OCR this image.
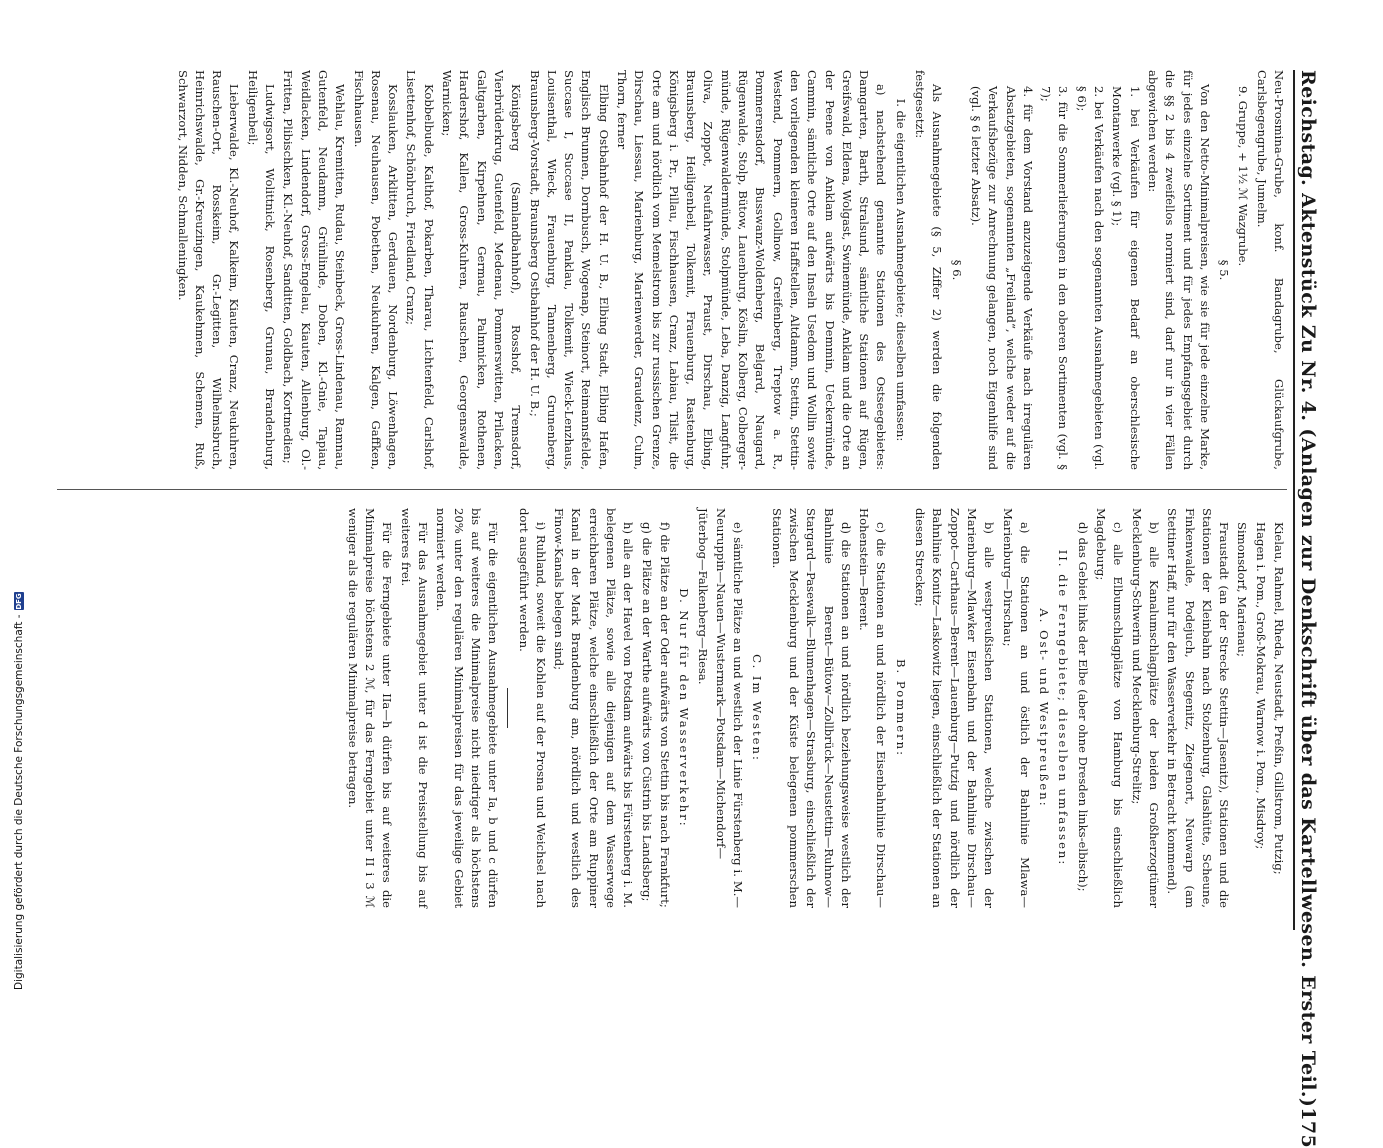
Reichstag. Aktenstück Zu Nr. 4. (Anlagen zur Denkschrift über das Kartellwesen. Erster Teil.)
175

Neu-Prosmina-Grube, konf. Bandagrube, Glückaufgrube, Carlsbegengrube, Jumelm.

9. Gruppe, + 1½ ℳ Wazgrube.

§ 5.

Von den Netto-Minimalpreisen, wie sie für jede einzelne Marke, für jedes einzelne Sortiment und für jedes Empfangsgebiet durch die §§ 2 bis 4 zweifellos normiert sind, darf nur in vier Fällen abgewichen werden:

1. bei Verkäufen für eigenen Bedarf an oberschlesische Montanwerke (vgl. § 1);

2. bei Verkäufen nach den sogenannten Ausnahmegebieten (vgl. § 6);

3. für die Sommerlieferungen in den oberen Sortimenten (vgl. § 7);

4. für dem Vorstand anzuzeigende Verkäufe nach irregulären Absatzgebieten, sogenannten „Freiland“, welche weder auf die Verkaufsbezüge zur Anrechnung gelangen, noch Eigenhilfe sind (vgl. § 6 letzter Absatz).

§ 6.

Als Ausnahmegebiete (§ 5, Ziffer 2) werden die folgenden festgesetzt:

I. die eigentlichen Ausnahmegebiete; dieselben umfassen:

a) nachstehend genannte Stationen des Ostseegebietes: Damgarten, Barth, Stralsund, sämtliche Stationen auf Rügen, Greifswald, Eldena, Wolgast, Swinemünde, Anklam und die Orte an der Peene von Anklam aufwärts bis Demmin, Ueckermünde, Cammin, sämtliche Orte auf den Inseln Usedom und Wollin sowie den vorliegenden kleineren Haffstellen, Altdamm, Stettin, Stettin-Westend, Pommern, Gollnow, Greifenberg, Treptow a. R., Pommerensdorf, Busswanz-Woldenberg, Belgard, Naugard, Rügenwalde, Stolp, Bütow, Lauenburg, Köslin, Kolberg, Colberger-münde, Rügenwaldermünde, Stolpmünde, Leba, Danzig, Langfuhr, Oliva, Zoppot, Neufahrwasser, Praust, Dirschau, Elbing, Braunsberg, Heiligenbeil, Tolkemit, Frauenburg, Rastenburg, Königsberg i. Pr., Pillau, Fischhausen, Cranz, Labiau, Tilsit, die Orte am und nördlich vom Memelstrom bis zur russischen Grenze, Dirschau, Liessau, Marienburg, Marienwerder, Graudenz, Culm, Thorn, ferner

Elbing Ostbahnhof der H. U. B., Elbing Stadt, Elbing Hafen, Englisch Brunnen, Dornbusch, Wogenap, Steinort, Reimannsfelde, Succase I, Succase II, Panklau, Tolkemit, Wieck-Lenzhaus, Louisenthal, Wieck, Frauenburg, Tannenberg, Grunenberg, Braunsberg-Vorstadt, Braunsberg Ostbahnhof der H. U. B.;

Königsberg (Samlandbahnhof), Rosshof, Tremsdorf, Vierbrüderkrug, Gutenfeld, Medenau, Pommerswitten, Prilacken, Galtgarben, Kirpehnen, Germau, Palmnicken, Rothenen, Hardershof, Kallen, Gross-Kuhren, Rauschen, Georgenswalde, Warnicken;

Kobbelbude, Kalthof, Pokarben, Tharau, Lichtenfeld, Carlshof, Lisettenhof, Schönbruch, Friedland, Cranz;

Kosslauken, Arklitten, Gerdauen, Nordenburg, Löwenhagen, Rosenau, Neuhausen, Pobethen, Neukuhren, Kalgen, Gaffken, Fischhausen.

Wehlau, Kremitten, Rudau, Steinbeck, Gross-Lindenau, Ramnau, Gutenfeld, Neudamm, Grünlinde, Doben, Kl.-Gnie, Tapiau, Weidlacken, Lindendorf, Gross-Engelau, Kiauten, Allenburg, Ol.-Fritten, Plibischken, Kl.-Neuhof, Sanditten, Goldbach, Kortmedien;

Ludwigsort, Wolittnick, Rosenberg, Grunau, Brandenburg, Heiligenbeil;

Lieberwalde, Kl.-Neuhof, Kalkeim, Kiauten, Cranz, Neukuhren, Rauschen-Ort, Rosskeim, Gr.-Legitten, Wilhelmsbruch, Heinrichswalde, Gr.-Kreuzingen, Kaukehmen, Schemen, Ruß, Schwarzort, Nidden, Schmalleningken.

Kielau, Rahmel, Rheda, Neustadt, Preßin, Gillstrom, Putzig;

Hagen i. Pom., Groß-Mokrau, Warnow i. Pom., Misdroy;

Simonsdorf, Marienau;

Fraustadt (an der Strecke Stettin—Jasenitz), Stationen und die Stationen der Kleinbahn nach Stolzenburg, Glashütte, Scheune, Finkenwalde, Podejuch, Stegenitz, Ziegenort, Neuwarp (am Stettiner Haff, nur für den Wasserverkehr in Betracht kommend).

b) alle Kanalumschlagplätze der beiden Großherzogtümer Mecklenburg-Schwerin und Mecklenburg-Strelitz;

c) alle Elbumschlagplätze von Hamburg bis einschließlich Magdeburg;

d) das Gebiet links der Elbe (aber ohne Dresden links-elbisch);

II. die Ferngebiete; dieselben umfassen:

A. Ost- und Westpreußen:

a) die Stationen an und östlich der Bahnlinie Mlawa—Marienburg—Dirschau;

b) alle westpreußischen Stationen, welche zwischen der Marienburg—Mlawker Eisenbahn und der Bahnlinie Dirschau—Zoppot—Carthaus—Berent—Lauenburg—Putzig und nördlich der Bahnlinie Konitz—Laskowitz liegen, einschließlich der Stationen an diesen Strecken;

B. Pommern:

c) die Stationen an und nördlich der Eisenbahnlinie Dirschau—Hohenstein—Berent.

d) die Stationen an und nördlich beziehungsweise westlich der Bahnlinie Berent—Bütow—Zollbrück—Neustettin—Ruhnow—Stargard—Pasewalk—Blumenhagen—Strasburg, einschließlich der zwischen Mecklenburg und der Küste belegenen pommerschen Stationen.

C. Im Westen:

e) sämtliche Plätze an und westlich der Linie Fürstenberg i. M.—Neuruppin—Nauen—Wustermark—Potsdam—Michendorf—Jüterbog—Falkenberg—Riesa.

D. Nur für den Wasserverkehr:

f) die Plätze an der Oder aufwärts von Stettin bis nach Frankfurt;

g) die Plätze an der Warthe aufwärts von Cüstrin bis Landsberg;

h) alle an der Havel von Potsdam aufwärts bis Fürstenberg i. M. belegenen Plätze, sowie alle diejenigen auf dem Wasserwege erreichbaren Plätze, welche einschließlich der Orte am Ruppiner Kanal in der Mark Brandenburg am, nördlich und westlich des Finow-Kanals belegen sind;

i) Ruhland, soweit die Kohlen auf der Prosna und Weichsel nach dort ausgeführt werden.

Für die eigentlichen Ausnahmegebiete unter Ia, b und c dürfen bis auf weiteres die Minimalpreise nicht niedriger als höchstens 20% unter den regulären Minimalpreisen für das jeweilige Gebiet normiert werden.

Für das Ausnahmegebiet unter d ist die Preisstellung bis auf weiteres frei.

Für die Ferngebiete unter IIa—h dürfen bis auf weiteres die Minimalpreise höchstens 2 ℳ, für das Ferngebiet unter II i 3 ℳ weniger als die regulären Minimalpreise betragen.

Digitalisierung gefördert durch die Deutsche Forschungsgemeinschaft -
DFG
